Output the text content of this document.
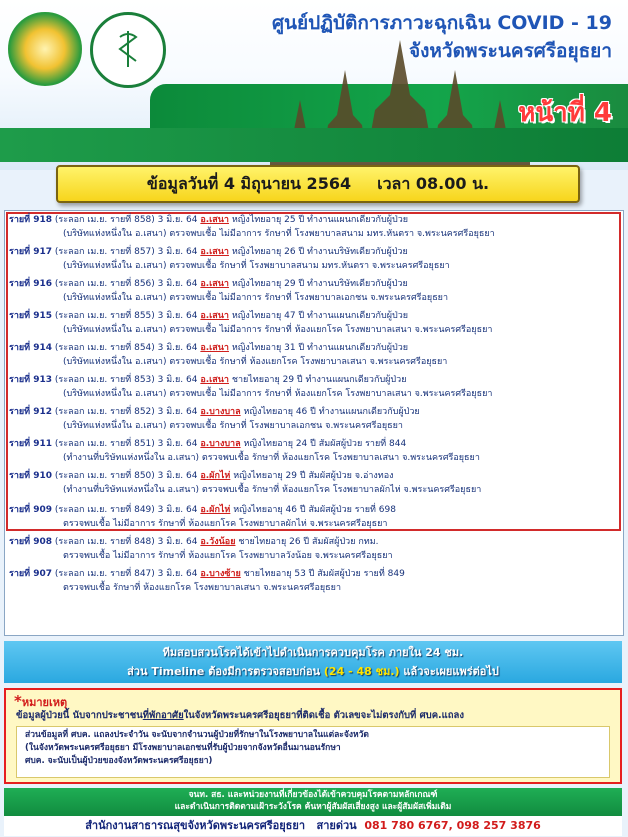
ศูนย์ปฏิบัติการภาวะฉุกเฉิน COVID - 19
จังหวัดพระนครศรีอยุธยา
หน้าที่ 4
ข้อมูลวันที่ 4 มิถุนายน 2564 เวลา 08.00 น.
รายที่ 918 (ระลอก เม.ย. รายที่ 858) 3 มิ.ย. 64 อ.เสนา หญิงไทยอายุ 25 ปี ทำงานแผนกเดียวกับผู้ป่วย
(บริษัทแห่งหนึ่งใน อ.เสนา) ตรวจพบเชื้อ ไม่มีอาการ รักษาที่ โรงพยาบาลสนาม มทร.หันตรา จ.พระนครศรีอยุธยา
รายที่ 917 (ระลอก เม.ย. รายที่ 857) 3 มิ.ย. 64 อ.เสนา หญิงไทยอายุ 26 ปี ทำงานบริษัทเดียวกับผู้ป่วย
(บริษัทแห่งหนึ่งใน อ.เสนา) ตรวจพบเชื้อ รักษาที่ โรงพยาบาลสนาม มทร.หันตรา จ.พระนครศรีอยุธยา
รายที่ 916 (ระลอก เม.ย. รายที่ 856) 3 มิ.ย. 64 อ.เสนา หญิงไทยอายุ 29 ปี ทำงานบริษัทเดียวกับผู้ป่วย
(บริษัทแห่งหนึ่งใน อ.เสนา) ตรวจพบเชื้อ ไม่มีอาการ รักษาที่ โรงพยาบาลเอกชน จ.พระนครศรีอยุธยา
รายที่ 915 (ระลอก เม.ย. รายที่ 855) 3 มิ.ย. 64 อ.เสนา หญิงไทยอายุ 47 ปี ทำงานแผนกเดียวกับผู้ป่วย
(บริษัทแห่งหนึ่งใน อ.เสนา) ตรวจพบเชื้อ ไม่มีอาการ รักษาที่ ห้องแยกโรค โรงพยาบาลเสนา จ.พระนครศรีอยุธยา
รายที่ 914 (ระลอก เม.ย. รายที่ 854) 3 มิ.ย. 64 อ.เสนา หญิงไทยอายุ 31 ปี ทำงานแผนกเดียวกับผู้ป่วย
(บริษัทแห่งหนึ่งใน อ.เสนา) ตรวจพบเชื้อ รักษาที่ ห้องแยกโรค โรงพยาบาลเสนา จ.พระนครศรีอยุธยา
รายที่ 913 (ระลอก เม.ย. รายที่ 853) 3 มิ.ย. 64 อ.เสนา ชายไทยอายุ 29 ปี ทำงานแผนกเดียวกับผู้ป่วย
(บริษัทแห่งหนึ่งใน อ.เสนา) ตรวจพบเชื้อ ไม่มีอาการ รักษาที่ ห้องแยกโรค โรงพยาบาลเสนา จ.พระนครศรีอยุธยา
รายที่ 912 (ระลอก เม.ย. รายที่ 852) 3 มิ.ย. 64 อ.บางบาล หญิงไทยอายุ 46 ปี ทำงานแผนกเดียวกับผู้ป่วย
(บริษัทแห่งหนึ่งใน อ.เสนา) ตรวจพบเชื้อ รักษาที่ โรงพยาบาลเอกชน จ.พระนครศรีอยุธยา
รายที่ 911 (ระลอก เม.ย. รายที่ 851) 3 มิ.ย. 64 อ.บางบาล หญิงไทยอายุ 24 ปี สัมผัสผู้ป่วย รายที่ 844
(ทำงานที่บริษัทแห่งหนึ่งใน อ.เสนา) ตรวจพบเชื้อ รักษาที่ ห้องแยกโรค โรงพยาบาลเสนา จ.พระนครศรีอยุธยา
รายที่ 910 (ระลอก เม.ย. รายที่ 850) 3 มิ.ย. 64 อ.ผักไห่ หญิงไทยอายุ 29 ปี สัมผัสผู้ป่วย จ.อ่างทอง
(ทำงานที่บริษัทแห่งหนึ่งใน อ.เสนา) ตรวจพบเชื้อ รักษาที่ ห้องแยกโรค โรงพยาบาลผักไห่ จ.พระนครศรีอยุธยา
รายที่ 909 (ระลอก เม.ย. รายที่ 849) 3 มิ.ย. 64 อ.ผักไห่ หญิงไทยอายุ 46 ปี สัมผัสผู้ป่วย รายที่ 698
ตรวจพบเชื้อ ไม่มีอาการ รักษาที่ ห้องแยกโรค โรงพยาบาลผักไห่ จ.พระนครศรีอยุธยา
รายที่ 908 (ระลอก เม.ย. รายที่ 848) 3 มิ.ย. 64 อ.วังน้อย ชายไทยอายุ 26 ปี สัมผัสผู้ป่วย กทม.
ตรวจพบเชื้อ ไม่มีอาการ รักษาที่ ห้องแยกโรค โรงพยาบาลวังน้อย จ.พระนครศรีอยุธยา
รายที่ 907 (ระลอก เม.ย. รายที่ 847) 3 มิ.ย. 64 อ.บางซ้าย ชายไทยอายุ 53 ปี สัมผัสผู้ป่วย รายที่ 849
ตรวจพบเชื้อ รักษาที่ ห้องแยกโรค โรงพยาบาลเสนา จ.พระนครศรีอยุธยา
ทีมสอบสวนโรคได้เข้าไปดำเนินการควบคุมโรค ภายใน 24 ชม.
ส่วน Timeline ต้องมีการตรวจสอบก่อน (24 - 48 ชม.) แล้วจะเผยแพร่ต่อไป
*หมายเหตุ
ข้อมูลผู้ป่วยนี้ นับจากประชาชนที่พักอาศัยในจังหวัดพระนครศรีอยุธยาที่ติดเชื้อ ตัวเลขจะไม่ตรงกับที่ ศบค.แถลง
ส่วนข้อมูลที่ ศบค. แถลงประจำวัน จะนับจากจำนวนผู้ป่วยที่รักษาในโรงพยาบาลในแต่ละจังหวัด
(ในจังหวัดพระนครศรีอยุธยา มีโรงพยาบาลเอกชนที่รับผู้ป่วยจากจังหวัดอื่นมานอนรักษา
ศบค. จะนับเป็นผู้ป่วยของจังหวัดพระนครศรีอยุธยา)
จนท. สธ. และหน่วยงานที่เกี่ยวข้องได้เข้าควบคุมโรคตามหลักเกณฑ์
และดำเนินการติดตามเฝ้าระวังโรค ค้นหาผู้สัมผัสเสี่ยงสูง และผู้สัมผัสเพิ่มเติม
สำนักงานสาธารณสุขจังหวัดพระนครศรีอยุธยา สายด่วน 081 780 6767, 098 257 3876
